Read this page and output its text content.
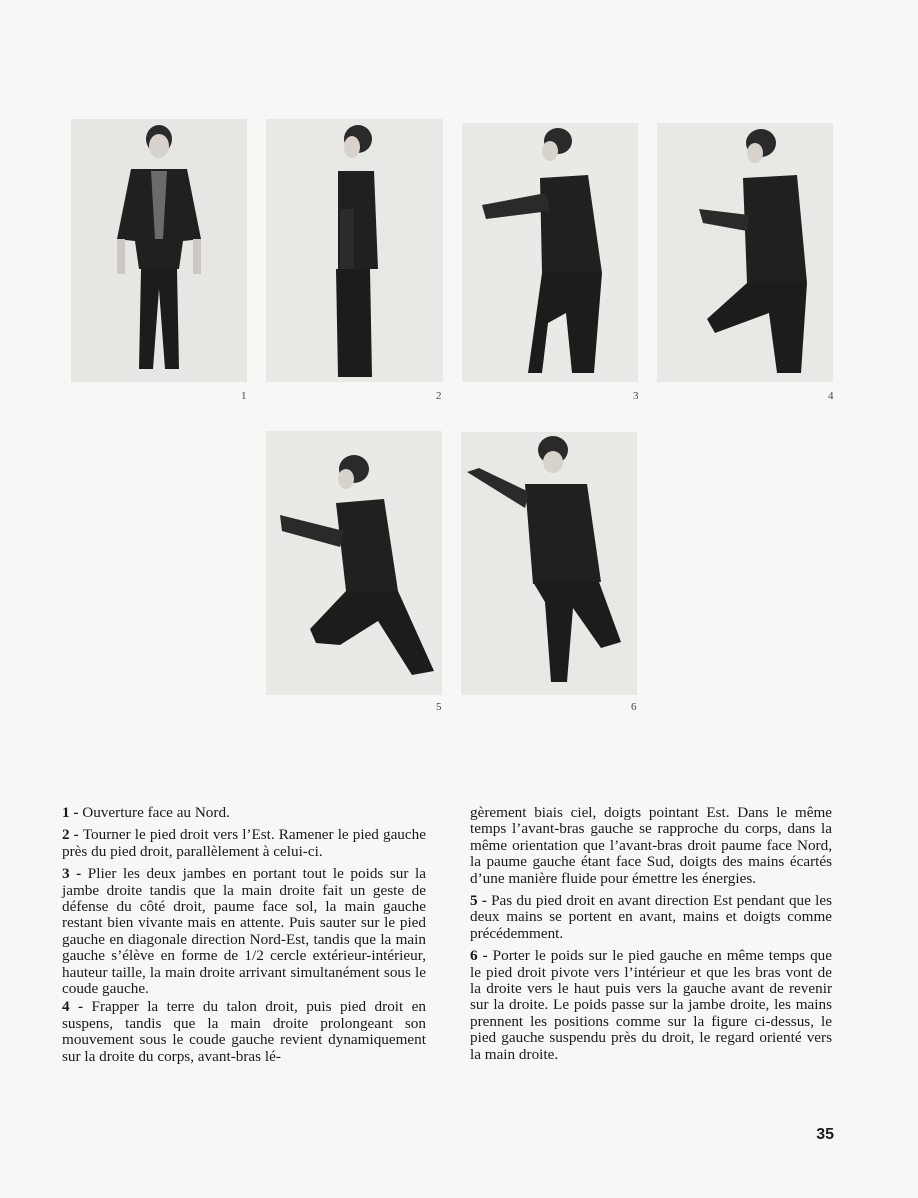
1	2	3	4
5	6

1 - Ouverture face au Nord.

2 - Tourner le pied droit vers l’Est. Ramener le pied gauche près du pied droit, parallèlement à celui-ci.

3 - Plier les deux jambes en portant tout le poids sur la jambe droite tandis que la main droite fait un geste de défense du côté droit, paume face sol, la main gauche restant bien vivante mais en attente. Puis sauter sur le pied gauche en diagonale direction Nord-Est, tandis que la main gauche s’élève en forme de 1/2 cercle extérieur-intérieur, hauteur taille, la main droite arrivant simultanément sous le coude gauche.

4 - Frapper la terre du talon droit, puis pied droit en suspens, tandis que la main droite prolongeant son mouvement sous le coude gauche revient dynamiquement sur la droite du corps, avant-bras lé-

gèrement biais ciel, doigts pointant Est. Dans le même temps l’avant-bras gauche se rapproche du corps, dans la même orientation que l’avant-bras droit paume face Nord, la paume gauche étant face Sud, doigts des mains écartés d’une manière fluide pour émettre les énergies.

5 - Pas du pied droit en avant direction Est pendant que les deux mains se portent en avant, mains et doigts comme précédemment.

6 - Porter le poids sur le pied gauche en même temps que le pied droit pivote vers l’intérieur et que les bras vont de la droite vers le haut puis vers la gauche avant de revenir sur la droite. Le poids passe sur la jambe droite, les mains prennent les positions comme sur la figure ci-dessus, le pied gauche suspendu près du droit, le regard orienté vers la main droite.

35
